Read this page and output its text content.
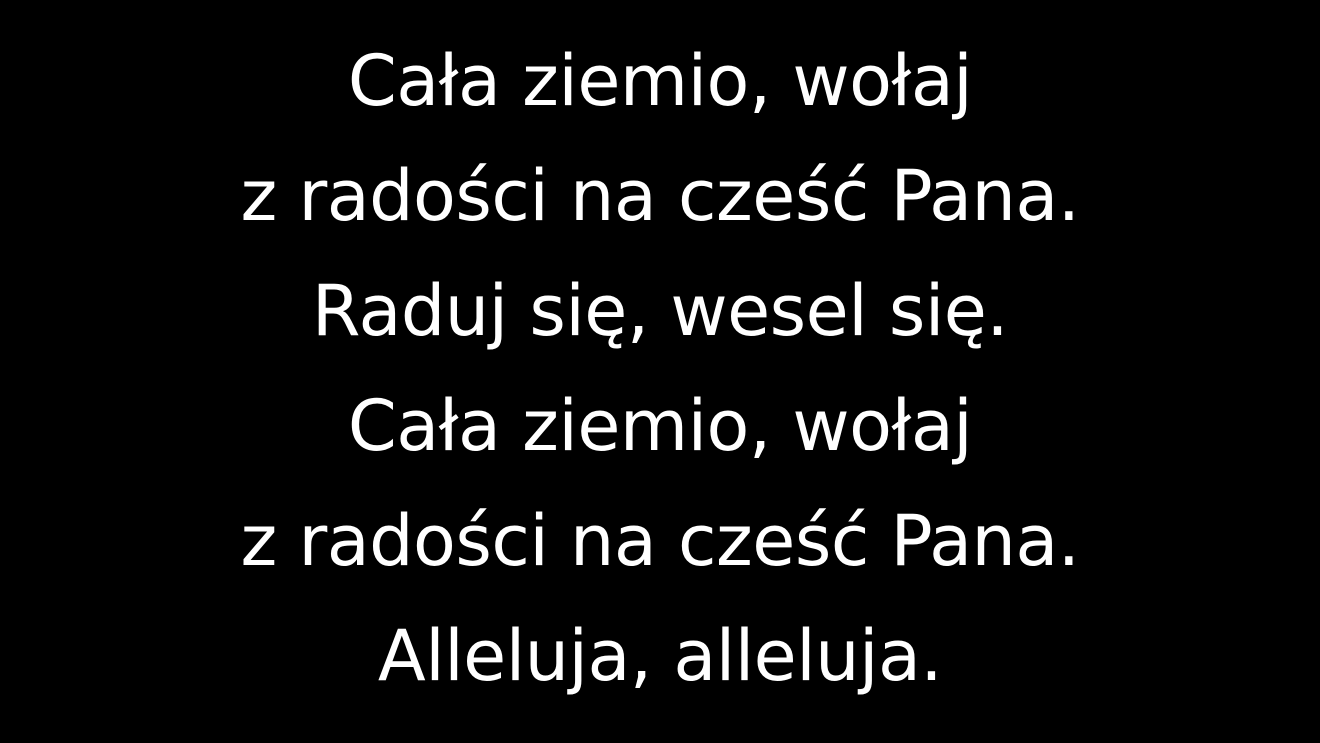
Cała ziemio, wołaj
z radości na cześć Pana.
Raduj się, wesel się.
Cała ziemio, wołaj
z radości na cześć Pana.
Alleluja, alleluja.
